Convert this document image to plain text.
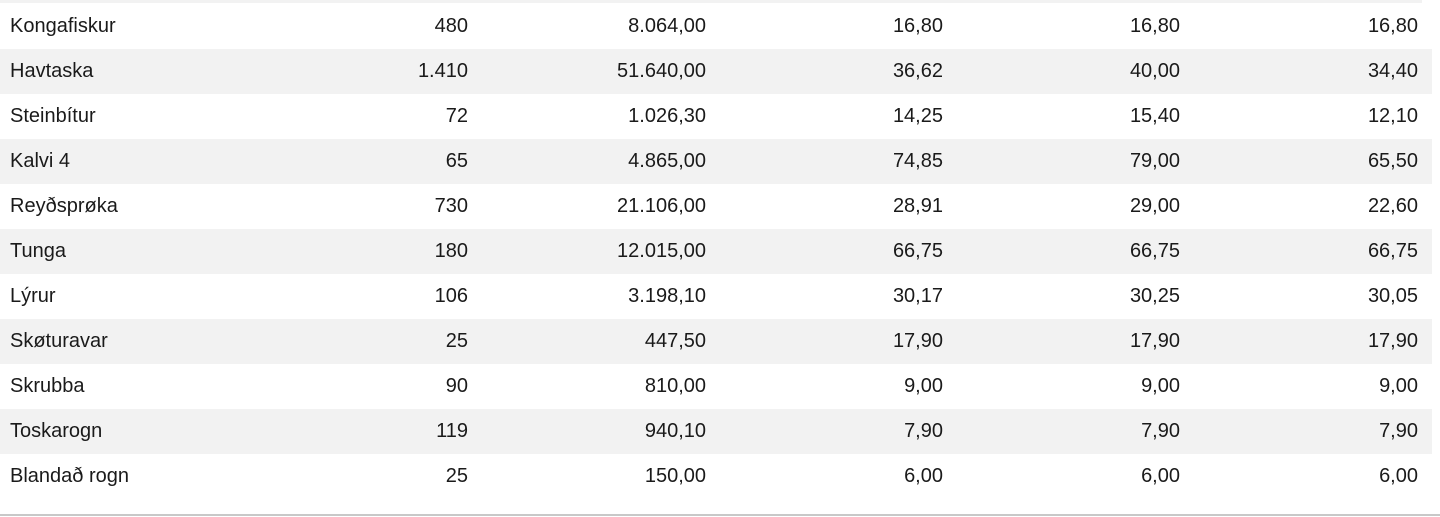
Kongafiskur	480	8.064,00	16,80	16,80	16,80
Havtaska	1.410	51.640,00	36,62	40,00	34,40
Steinbítur	72	1.026,30	14,25	15,40	12,10
Kalvi 4	65	4.865,00	74,85	79,00	65,50
Reyðsprøka	730	21.106,00	28,91	29,00	22,60
Tunga	180	12.015,00	66,75	66,75	66,75
Lýrur	106	3.198,10	30,17	30,25	30,05
Skøturavar	25	447,50	17,90	17,90	17,90
Skrubba	90	810,00	9,00	9,00	9,00
Toskarogn	119	940,10	7,90	7,90	7,90
Blandað rogn	25	150,00	6,00	6,00	6,00
